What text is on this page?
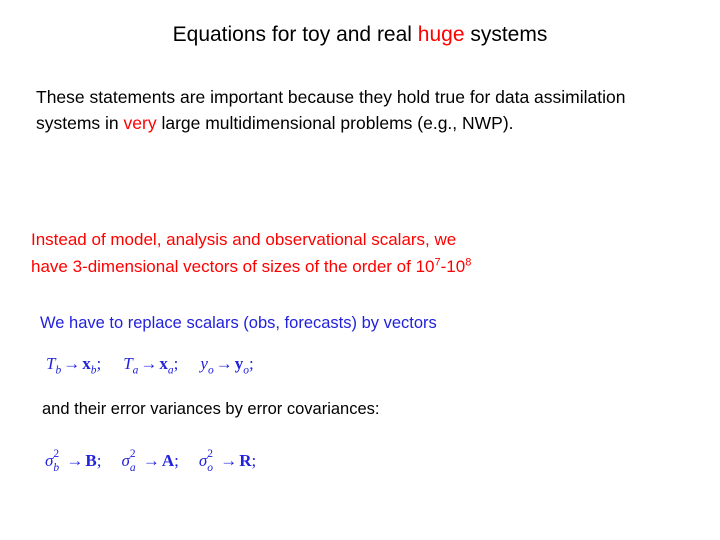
Equations for toy and real huge systems
These statements are important because they hold true for data assimilation systems in very large multidimensional problems (e.g., NWP).
Instead of model, analysis and observational scalars, we
have 3-dimensional vectors of sizes of the order of $10^7-10^8$
We have to replace scalars (obs, forecasts) by vectors
$T_b \to x_b$; $T_a \to x_a$; $y_o \to y_o$;
and their error variances by error covariances:
σ b
2 → B; σ a
2 → A; σ o
2 → R;
